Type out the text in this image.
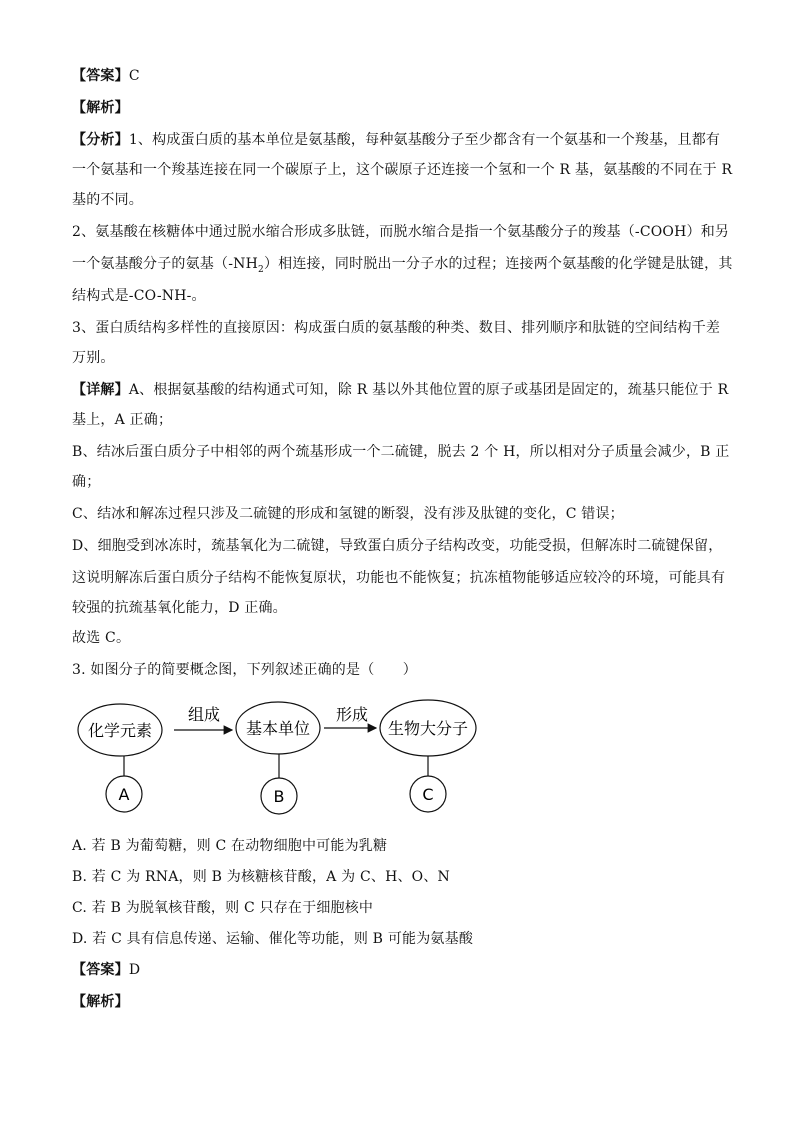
【答案】C
【解析】
【分析】1、构成蛋白质的基本单位是氨基酸，每种氨基酸分子至少都含有一个氨基和一个羧基，且都有
一个氨基和一个羧基连接在同一个碳原子上，这个碳原子还连接一个氢和一个 R 基，氨基酸的不同在于 R
基的不同。
2、氨基酸在核糖体中通过脱水缩合形成多肽链，而脱水缩合是指一个氨基酸分子的羧基（-COOH）和另
一个氨基酸分子的氨基$(-NH_2)$相连接，同时脱出一分子水的过程；连接两个氨基酸的化学键是肽键，其
结构式是-CO-NH-。
3、蛋白质结构多样性的直接原因：构成蛋白质的氨基酸的种类、数目、排列顺序和肽链的空间结构千差
万别。
【详解】A、根据氨基酸的结构通式可知，除 R 基以外其他位置的原子或基团是固定的，巯基只能位于 R
基上，A 正确；
B、结冰后蛋白质分子中相邻的两个巯基形成一个二硫键，脱去 2 个 H，所以相对分子质量会减少，B 正
确；
C、结冰和解冻过程只涉及二硫键的形成和氢键的断裂，没有涉及肽键的变化，C 错误；
D、细胞受到冰冻时，巯基氧化为二硫键，导致蛋白质分子结构改变，功能受损，但解冻时二硫键保留，
这说明解冻后蛋白质分子结构不能恢复原状，功能也不能恢复；抗冻植物能够适应较冷的环境，可能具有
较强的抗巯基氧化能力，D 正确。
故选 C。
3. 如图分子的简要概念图，下列叙述正确的是（　　）
化学元素	基本单位	生物大分子
组成	形成
A	B	C
A. 若 B 为葡萄糖，则 C 在动物细胞中可能为乳糖
B. 若 C 为 RNA，则 B 为核糖核苷酸，A 为 C、H、O、N
C. 若 B 为脱氧核苷酸，则 C 只存在于细胞核中
D. 若 C 具有信息传递、运输、催化等功能，则 B 可能为氨基酸
【答案】D
【解析】
